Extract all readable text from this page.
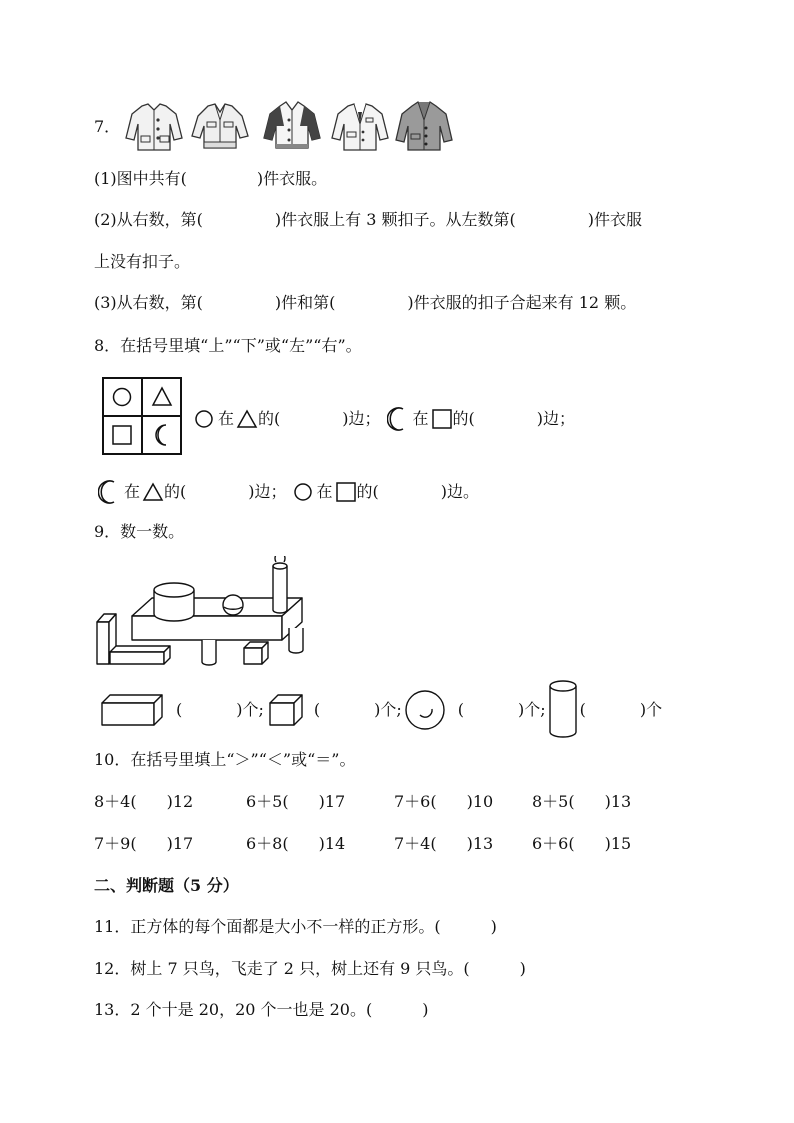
7．
(1)图中共有(	)件衣服。
(2)从右数，第(	)件衣服上有 3 颗扣子。从左数第(	)件衣服
上没有扣子。
(3)从右数，第(	)件和第(	)件衣服的扣子合起来有 12 颗。
8．在括号里填“上”“下”或“左”“右”。
在 的(	)边； 在 的(	)边；
在 的(	)边； 在 的(	)边。
9．数一数。
(	)个;	(	)个;	(	)个; (	)个
10．在括号里填上“＞”“＜”或“＝”。
8＋4( )12	6＋5( )17	7＋6( )10 8＋5( )13
7＋9( )17	6＋8( )14	7＋4( )13 6＋6( )15
二、判断题（5 分）
11．正方体的每个面都是大小不一样的正方形。(	)
12．树上 7 只鸟，飞走了 2 只，树上还有 9 只鸟。(	)
13．2 个十是 20，20 个一也是 20。(	)
